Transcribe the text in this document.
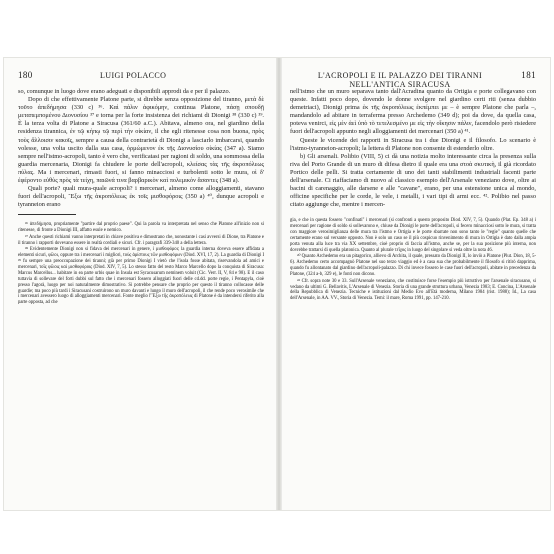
180	LUIGI POLACCO

so, comunque in luogo dove erano adeguati e disponibili approdi da e per il palazzo.

Dopo di che effettivamente Platone parte, si direbbe senza opposizione del tiranno, μετὰ δὲ τοῦτο ἀπεδήμησα (330 c) ³⁶. Καὶ πάλιν ἀφικόμην, continua Platone, πάσῃ σπουδῇ μεταπεμπομένου Διονυσίου ³⁷ e torna per la forte insistenza dei richiami di Dionigi ³⁸ (330 c) ³⁹. È la terza volta di Platone a Siracusa (361/60 a.C.). Abitava, almeno ora, nel giardino della residenza tirannica, ἐν τῷ κήπῳ τῷ περὶ τὴν οἰκίαν, il che egli ritenesse cosa non buona, πρὸς τοὺς ἄλλοισιν κακοῖς, sempre a causa della contrarietà di Dionigi a lasciarlo imbarcarsi, quando volesse, una volta uscito dalla sua casa, ὁρμώμενον ἐκ τῆς Διονυσίου οἰκίας (347 a). Siamo sempre nell'istmo-acropoli, tanto è vero che, verificatasi per ragioni di soldo, una sommossa della guardia mercenaria, Dionigi fa chiudere le porte dell'acropoli, κλείσας τὰς τῆς ἀκροπόλεως πύλας. Ma i mercenari, rimasti fuori, si fanno minacciosi e turbolenti sotto le mura, οἱ δ' ἐφέροντο εὐθὺς πρὸς τὰ τείχη, παιῶνά τινα βαρβαρικὸν καὶ πολεμικὸν ἄσαντες (348 a).

Quali porte? quali mura-quale acropoli? i mercenari, almeno come alloggiamenti, stavano fuori dell'acropoli, Ἔξω τῆς ἀκροπόλεως ἐκ τοῖς μισθοφόροις (350 a) ⁴⁰, dunque acropoli e tyranneion erano

³⁶ ἀπεδήμησα, propriamente "partire dal proprio paese". Qui la parola va interpretata nel senso che Platone all'inizio non si ritenesse, di fronte a Dionigi III, affatto esule e nemico.

³⁷ Anche questi richiami vanno interpretati in chiave positiva e dimostrano che, nonostante i casi avversi di Dione, tra Platone e il tiranno i rapporti dovevano essere in realtà cordiali e sicuri. Cfr. i paragrafi 339-340 a della lettera.

³⁸ Evidentemente Dionigi non si fidava dei mercenari in genere, i μισθοφόροι; la guardia interna doveva essere affidata a elementi sicuri, φίλοι, oppure tra i mercenari i migliori, τοὺς ἀρίστους τῶν μισθοφόρων (Diod. XVI, 17, 2). La guardia di Dionigi I ³⁹ fu sempre una preoccupazione dei tiranni; già per primo Dionigi I vietò che l'isola fosse abitata, riservandola ad amici e mercenari, τοῖς φίλοις καὶ μισθοφόροις (Diod. XIV, 7, 5). Lo stesso fatto del resto Marco Marcello dopo la conquista di Siracusa: Marcus Marcellus... habitare in ea parte urbis quae in Insula est Syracusarum neminem voluit (Cic. Verr. II, V, 84 e 98). E il caso tuttavia di sollevare del forti dubbi sul fatto che i mercenari fossero alloggiati fuori delle cd.dd. porte regie, i Pentapyla, cioè presso l'agorà, luogo per noi naturalmente dimostrativo. Si potrebbe pensare che proprio per questo il tiranno collocasse delle guardie; ma poco più tardi i Siracusani costruirono un muro davanti e lungo il muro dell'acropoli, il che rende poco verosimile che i mercenari avessero luogo di alloggiamenti mercenari. Fonte meglio l'Ἔξω τῆς ἀκροπόλεως di Platone è da intendersi riferito alla parte opposta, ad che

L'ACROPOLI E IL PALAZZO DEI TIRANNI NELL'ANTICA SIRACUSA
181

nell'istmo che un muro separava tanto dall'Acradina quanto da Ortigia e porte collegavano con queste. Infatti poco dopo, dovendo le donne svolgere nel giardino certi riti (senza dubbio demetriaci), Dionigi prima ἐκ τῆς ἀκροπόλεως ἐκπέμπει με – è sempre Platone che parla –, mandandolo ad abitare in terraferma presso Archedemo (349 d); poi da dove, da quella casa, poteva venirci, εἰς μὲν ἀεὶ ὑπὸ τὸ τετελεσμένο με εἰς τὴν οἴκησιν πάλιν, facendolo però risiedere fuori dell'acropoli appunto negli alloggiamenti dei mercenari (350 a) ⁴¹.

Queste le vicende dei rapporti in Siracusa tra i due Dionigi e il filosofo. Lo scenario è l'istmo-tyranneion-acropoli; la lettera di Platone non consente di estenderlo oltre.

b) Gli arsenali. Polibio (VIII, 5) ci dà una notizia molto interessante circa la presenza sulla riva del Porto Grande di un muro di difesa dietro il quale era una στοὰ σκυτικὴ, il già ricordato Portico delle pelli. Si tratta certamente di uno dei tanti stabilimenti industriali facenti parte dell'arsenale. Ci riaffaciamo di nuovo al classico esempio dell'Arsenale veneziano dove, oltre ai bacini di carenaggio, alle darsene e alle "cavane", erano, per una estensione unica al mondo, officine specifiche per le corde, le vele, i metalli, i vari tipi di armi ecc. ⁴². Polibio nel passo citato aggiunge che, mentre i mercen-

gia, e che in questa fossero "confinati" i mercenari (si confronti a questo proposito Diod. XIV, 7, 5). Quando (Plat. Ep. 348 a) i mercenari per ragione di soldo si sollevarono e, chiuse da Dionigi le porte dell'acropoli, si fecero minacciosi sotto le mura, si tratta con maggiore verosimiglianza delle mura tra l'istmo e Ortigia e le porte sbarrate non sono tanto le "regie" quanto quelle che certamente erano sul versante opposto. Non è solo un caso se il più cospicuo rinvenimento di mura in Ortigia è dato dalla ampia porta venuta alla luce tra via XX settembre, cioè proprio di faccia all'istmo, anche se, per la sua posizione più interna, non dovrebbe trattarsi di quella platonica. Quanto al plurale τεῖχος in luogo del singolare si veda oltre la nota 46.

⁴⁰ Quanto Archedemo era un pitagorico, allievo di Archita, il quale, pressato da Dionigi II, lo inviò a Platone (Plut. Dion, 18, 5-6). Archedemo certo accompagnò Platone nel suo terzo viaggio ed è a casa sua che probabilmente il filosofo si ritirò dapprima, quando fu allontanato dal giardino dell'acropoli-palazzo. Di chi invece fossero le case fuori dell'acropoli, abitate in precedenza da Platone, (324 a-b, 329 e), le fonti non dicono.

⁴¹ Cfr. sopra note 30 e 33. Sull'Arsenale veneziano, che costituisce forse l'esempio più istruttivo per l'arsenale siracusano, si vedano da ultimi G. Bellavitis, L'Arsenale di Venezia. Storia di una grande struttura urbana, Venezia 1983; E. Concina, L'Arsenale della Repubblica di Venezia. Tecniche e istituzioni dal Medio Evo all'Età moderna, Milano 1984 (rist. 1988); Id., La casa dell'Arsenale, in AA. VV., Storia di Venezia. Temi: il mare, Roma 1991, pp. 147-210.
